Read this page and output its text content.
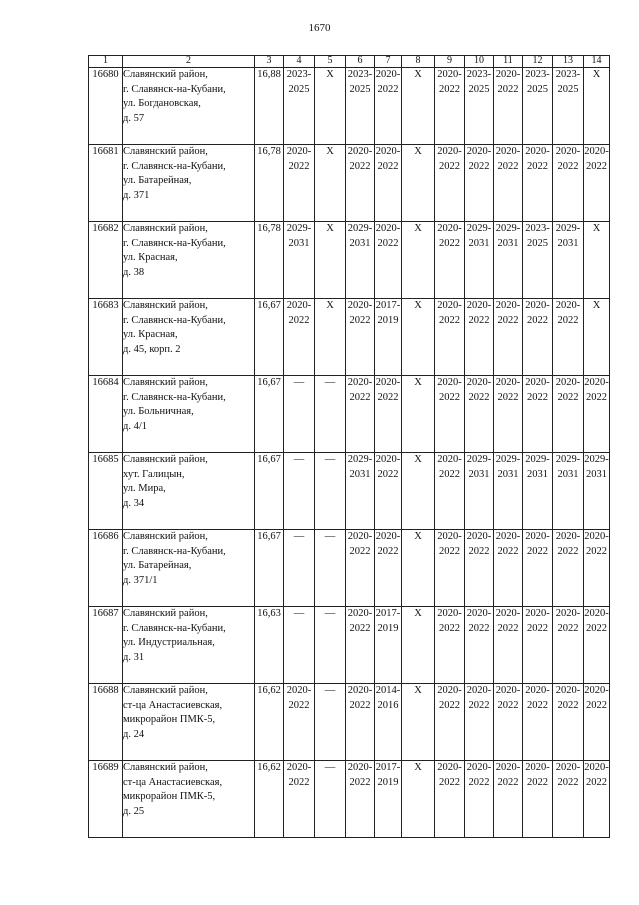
1670
1	2	3	4	5	6	7	8	9	10	11	12	13	14
16680	Славянский район,
г. Славянск-на-Кубани,
ул. Богдановская,
д. 57	16,88	2023-
2025	X	2023-
2025	2020-
2022	X	2020-
2022	2023-
2025	2020-
2022	2023-
2025	2023-
2025	X
16681	Славянский район,
г. Славянск-на-Кубани,
ул. Батарейная,
д. 371	16,78	2020-
2022	X	2020-
2022	2020-
2022	X	2020-
2022	2020-
2022	2020-
2022	2020-
2022	2020-
2022	2020-
2022
16682	Славянский район,
г. Славянск-на-Кубани,
ул. Красная,
д. 38	16,78	2029-
2031	X	2029-
2031	2020-
2022	X	2020-
2022	2029-
2031	2029-
2031	2023-
2025	2029-
2031	X
16683	Славянский район,
г. Славянск-на-Кубани,
ул. Красная,
д. 45, корп. 2	16,67	2020-
2022	X	2020-
2022	2017-
2019	X	2020-
2022	2020-
2022	2020-
2022	2020-
2022	2020-
2022	X
16684	Славянский район,
г. Славянск-на-Кубани,
ул. Больничная,
д. 4/1	16,67	—	—	2020-
2022	2020-
2022	X	2020-
2022	2020-
2022	2020-
2022	2020-
2022	2020-
2022	2020-
2022
16685	Славянский район,
хут. Галицын,
ул. Мира,
д. 34	16,67	—	—	2029-
2031	2020-
2022	X	2020-
2022	2029-
2031	2029-
2031	2029-
2031	2029-
2031	2029-
2031
16686	Славянский район,
г. Славянск-на-Кубани,
ул. Батарейная,
д. 371/1	16,67	—	—	2020-
2022	2020-
2022	X	2020-
2022	2020-
2022	2020-
2022	2020-
2022	2020-
2022	2020-
2022
16687	Славянский район,
г. Славянск-на-Кубани,
ул. Индустриальная,
д. 31	16,63	—	—	2020-
2022	2017-
2019	X	2020-
2022	2020-
2022	2020-
2022	2020-
2022	2020-
2022	2020-
2022
16688	Славянский район,
ст-ца Анастасиевская,
микрорайон ПМК-5,
д. 24	16,62	2020-
2022	—	2020-
2022	2014-
2016	X	2020-
2022	2020-
2022	2020-
2022	2020-
2022	2020-
2022	2020-
2022
16689	Славянский район,
ст-ца Анастасиевская,
микрорайон ПМК-5,
д. 25	16,62	2020-
2022	—	2020-
2022	2017-
2019	X	2020-
2022	2020-
2022	2020-
2022	2020-
2022	2020-
2022	2020-
2022
